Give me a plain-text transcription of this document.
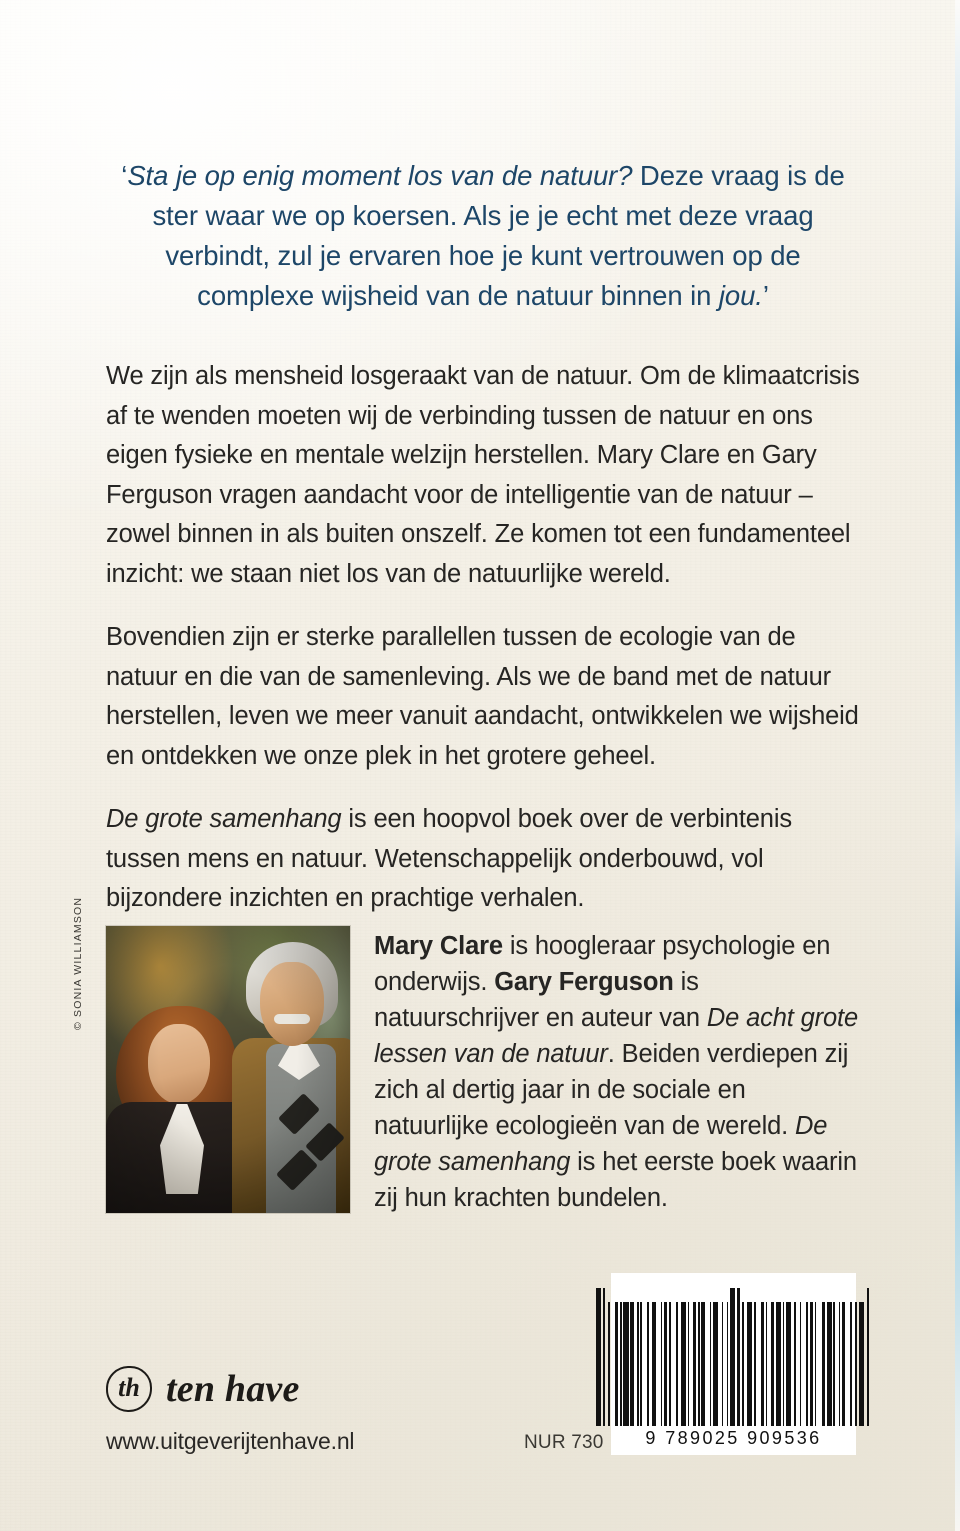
‘Sta je op enig moment los van de natuur? Deze vraag is de ster waar we op koersen. Als je je echt met deze vraag verbindt, zul je ervaren hoe je kunt vertrouwen op de complexe wijsheid van de natuur binnen in jou.’

We zijn als mensheid losgeraakt van de natuur. Om de klimaatcrisis af te wenden moeten wij de verbinding tussen de natuur en ons eigen fysieke en mentale welzijn herstellen. Mary Clare en Gary Ferguson vragen aandacht voor de intelligentie van de natuur – zowel binnen in als buiten onszelf. Ze komen tot een fundamenteel inzicht: we staan niet los van de natuurlijke wereld.

Bovendien zijn er sterke parallellen tussen de ecologie van de natuur en die van de samenleving. Als we de band met de natuur herstellen, leven we meer vanuit aandacht, ontwikkelen we wijsheid en ontdekken we onze plek in het grotere geheel.

De grote samenhang is een hoopvol boek over de verbintenis tussen mens en natuur. Wetenschappelijk onderbouwd, vol bijzondere inzichten en prachtige verhalen.

© SONIA WILLIAMSON	Mary Clare is hoogleraar psychologie en onderwijs. Gary Ferguson is natuurschrijver en auteur van De acht grote lessen van de natuur. Beiden verdiepen zij zich al dertig jaar in de sociale en natuurlijke ecologieën van de wereld. De grote samenhang is het eerste boek waarin zij hun krachten bundelen.
th ten have
www.uitgeverijtenhave.nl	NUR 730 9 789025 909536
